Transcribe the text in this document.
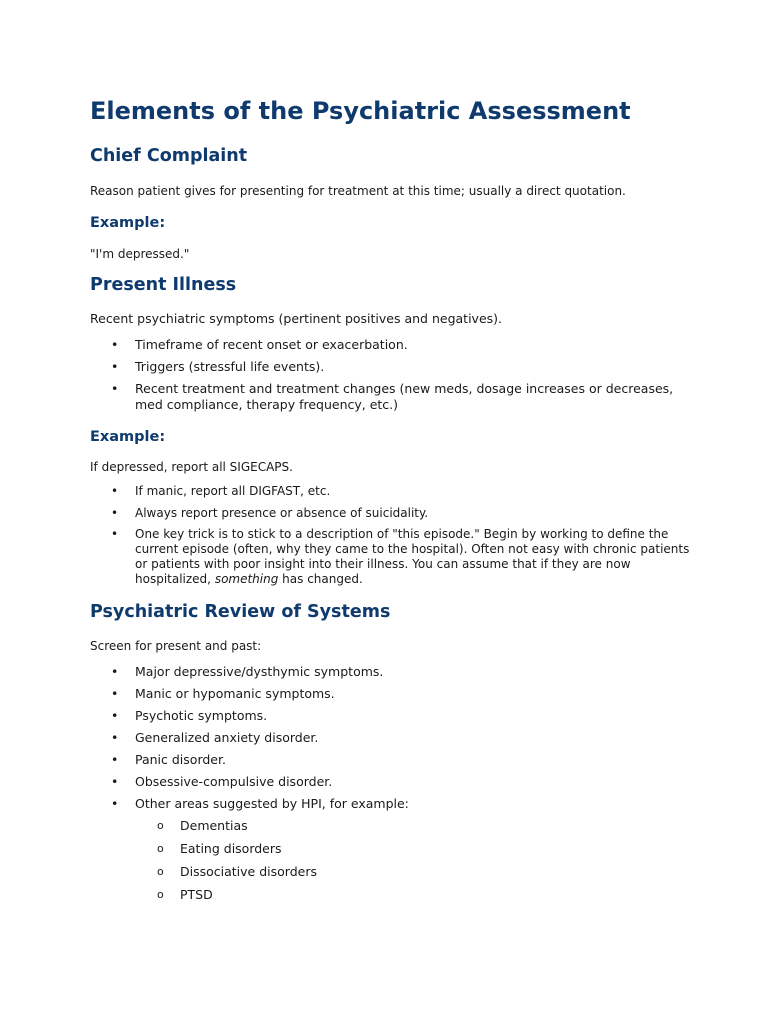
Elements of the Psychiatric Assessment
Chief Complaint
Reason patient gives for presenting for treatment at this time; usually a direct quotation.
Example:
"I'm depressed."
Present Illness
Recent psychiatric symptoms (pertinent positives and negatives).
• Timeframe of recent onset or exacerbation.
• Triggers (stressful life events).
• Recent treatment and treatment changes (new meds, dosage increases or decreases, med compliance, therapy frequency, etc.)
Example:
If depressed, report all SIGECAPS.
• If manic, report all DIGFAST, etc.
• Always report presence or absence of suicidality.
• One key trick is to stick to a description of "this episode." Begin by working to define the current episode (often, why they came to the hospital). Often not easy with chronic patients or patients with poor insight into their illness. You can assume that if they are now hospitalized, something has changed.
Psychiatric Review of Systems
Screen for present and past:
• Major depressive/dysthymic symptoms.
• Manic or hypomanic symptoms.
• Psychotic symptoms.
• Generalized anxiety disorder.
• Panic disorder.
• Obsessive-compulsive disorder.
• Other areas suggested by HPI, for example:
o Dementias
o Eating disorders
o Dissociative disorders
o PTSD
